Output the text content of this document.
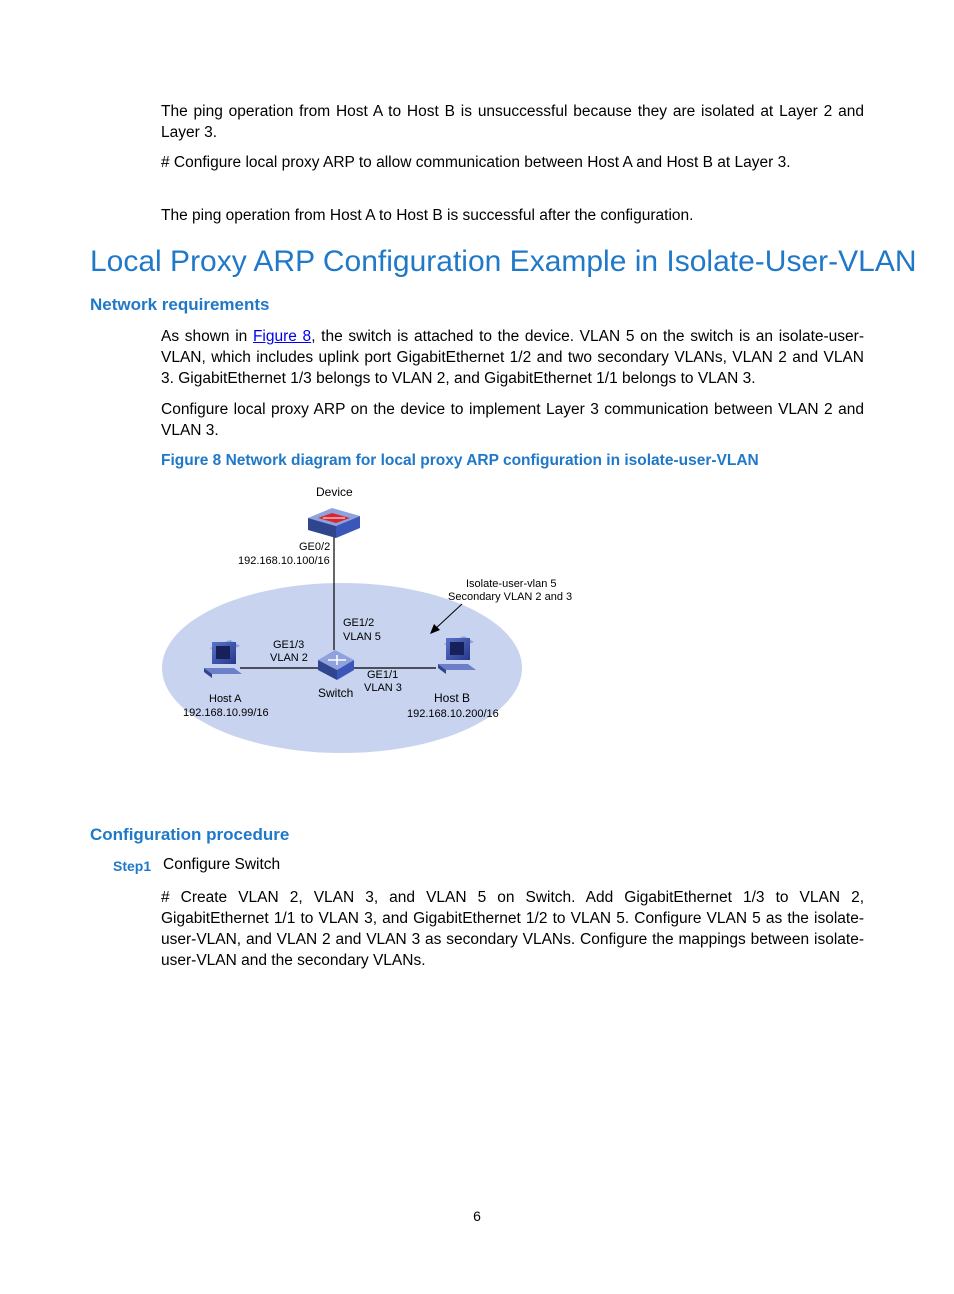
The ping operation from Host A to Host B is unsuccessful because they are isolated at Layer 2 and Layer 3.

# Configure local proxy ARP to allow communication between Host A and Host B at Layer 3.

The ping operation from Host A to Host B is successful after the configuration.

Local Proxy ARP Configuration Example in Isolate-User-VLAN
Network requirements

As shown in Figure 8, the switch is attached to the device. VLAN 5 on the switch is an isolate-user-VLAN, which includes uplink port GigabitEthernet 1/2 and two secondary VLANs, VLAN 2 and VLAN 3. GigabitEthernet 1/3 belongs to VLAN 2, and GigabitEthernet 1/1 belongs to VLAN 3.

Configure local proxy ARP on the device to implement Layer 3 communication between VLAN 2 and VLAN 3.

Figure 8 Network diagram for local proxy ARP configuration in isolate-user-VLAN

Device
GE0/2
192.168.10.100/16
Isolate-user-vlan 5
Secondary VLAN 2 and 3
GE1/2
VLAN 5
GE1/3
VLAN 2
GE1/1
VLAN 3
Switch
Host A
192.168.10.99/16
Host B
192.168.10.200/16
Configuration procedure
Step1 Configure Switch

# Create VLAN 2, VLAN 3, and VLAN 5 on Switch. Add GigabitEthernet 1/3 to VLAN 2, GigabitEthernet 1/1 to VLAN 3, and GigabitEthernet 1/2 to VLAN 5. Configure VLAN 5 as the isolate-user-VLAN, and VLAN 2 and VLAN 3 as secondary VLANs. Configure the mappings between isolate-user-VLAN and the secondary VLANs.

6
